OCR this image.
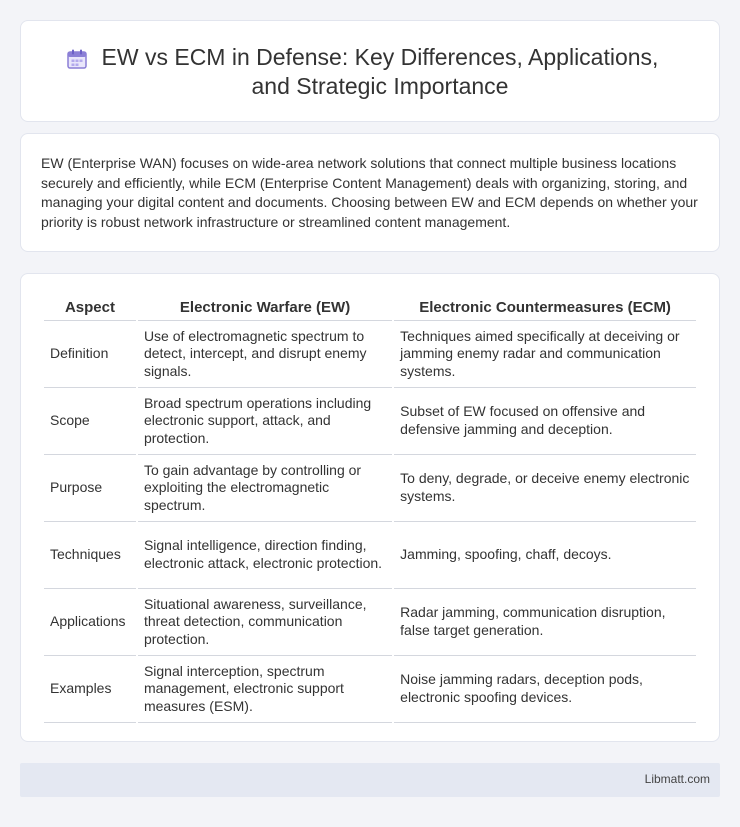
EW vs ECM in Defense: Key Differences, Applications, and Strategic Importance

EW (Enterprise WAN) focuses on wide-area network solutions that connect multiple business locations securely and efficiently, while ECM (Enterprise Content Management) deals with organizing, storing, and managing your digital content and documents. Choosing between EW and ECM depends on whether your priority is robust network infrastructure or streamlined content management.

Aspect	Electronic Warfare (EW)	Electronic Countermeasures (ECM)
Definition	Use of electromagnetic spectrum to detect, intercept, and disrupt enemy signals.	Techniques aimed specifically at deceiving or jamming enemy radar and communication systems.
Scope	Broad spectrum operations including electronic support, attack, and protection.	Subset of EW focused on offensive and defensive jamming and deception.
Purpose	To gain advantage by controlling or exploiting the electromagnetic spectrum.	To deny, degrade, or deceive enemy electronic systems.
Techniques	Signal intelligence, direction finding, electronic attack, electronic protection.	Jamming, spoofing, chaff, decoys.
Applications	Situational awareness, surveillance, threat detection, communication protection.	Radar jamming, communication disruption, false target generation.
Examples	Signal interception, spectrum management, electronic support measures (ESM).	Noise jamming radars, deception pods, electronic spoofing devices.
Libmatt.com
